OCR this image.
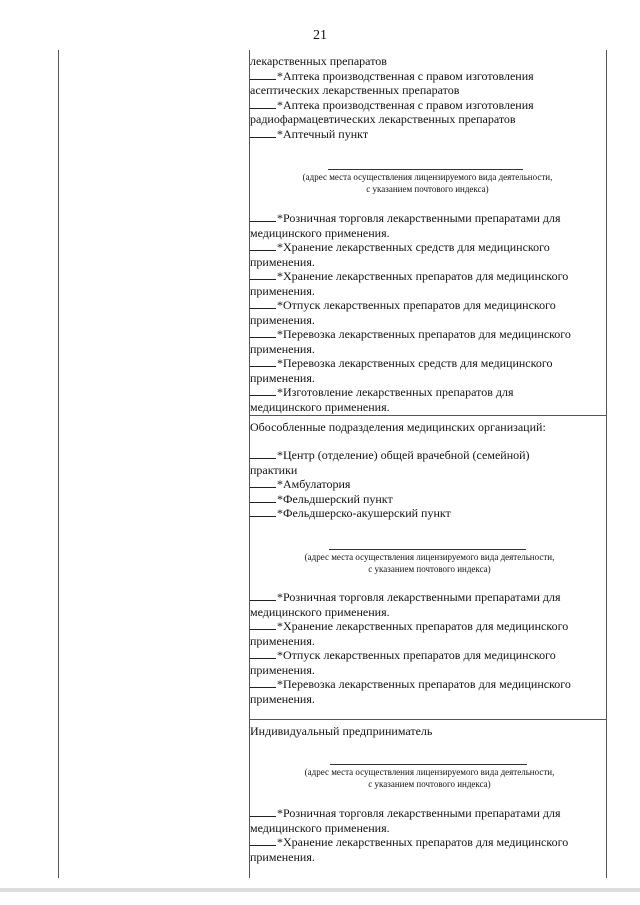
21
лекарственных препаратов
*Аптека производственная с правом изготовления
асептических лекарственных препаратов
*Аптека производственная с правом изготовления
радиофармацевтических лекарственных препаратов
*Аптечный пункт
(адрес места осуществления лицензируемого вида деятельности,
с указанием почтового индекса)
*Розничная торговля лекарственными препаратами для
медицинского применения.
*Хранение лекарственных средств для медицинского
применения.
*Хранение лекарственных препаратов для медицинского
применения.
*Отпуск лекарственных препаратов для медицинского
применения.
*Перевозка лекарственных препаратов для медицинского
применения.
*Перевозка лекарственных средств для медицинского
применения.
*Изготовление лекарственных препаратов для
медицинского применения.
Обособленные подразделения медицинских организаций:
*Центр (отделение) общей врачебной (семейной)
практики
*Амбулатория
*Фельдшерский пункт
*Фельдшерско-акушерский пункт
(адрес места осуществления лицензируемого вида деятельности,
с указанием почтового индекса)
*Розничная торговля лекарственными препаратами для
медицинского применения.
*Хранение лекарственных препаратов для медицинского
применения.
*Отпуск лекарственных препаратов для медицинского
применения.
*Перевозка лекарственных препаратов для медицинского
применения.
Индивидуальный предприниматель
(адрес места осуществления лицензируемого вида деятельности,
с указанием почтового индекса)
*Розничная торговля лекарственными препаратами для
медицинского применения.
*Хранение лекарственных препаратов для медицинского
применения.
